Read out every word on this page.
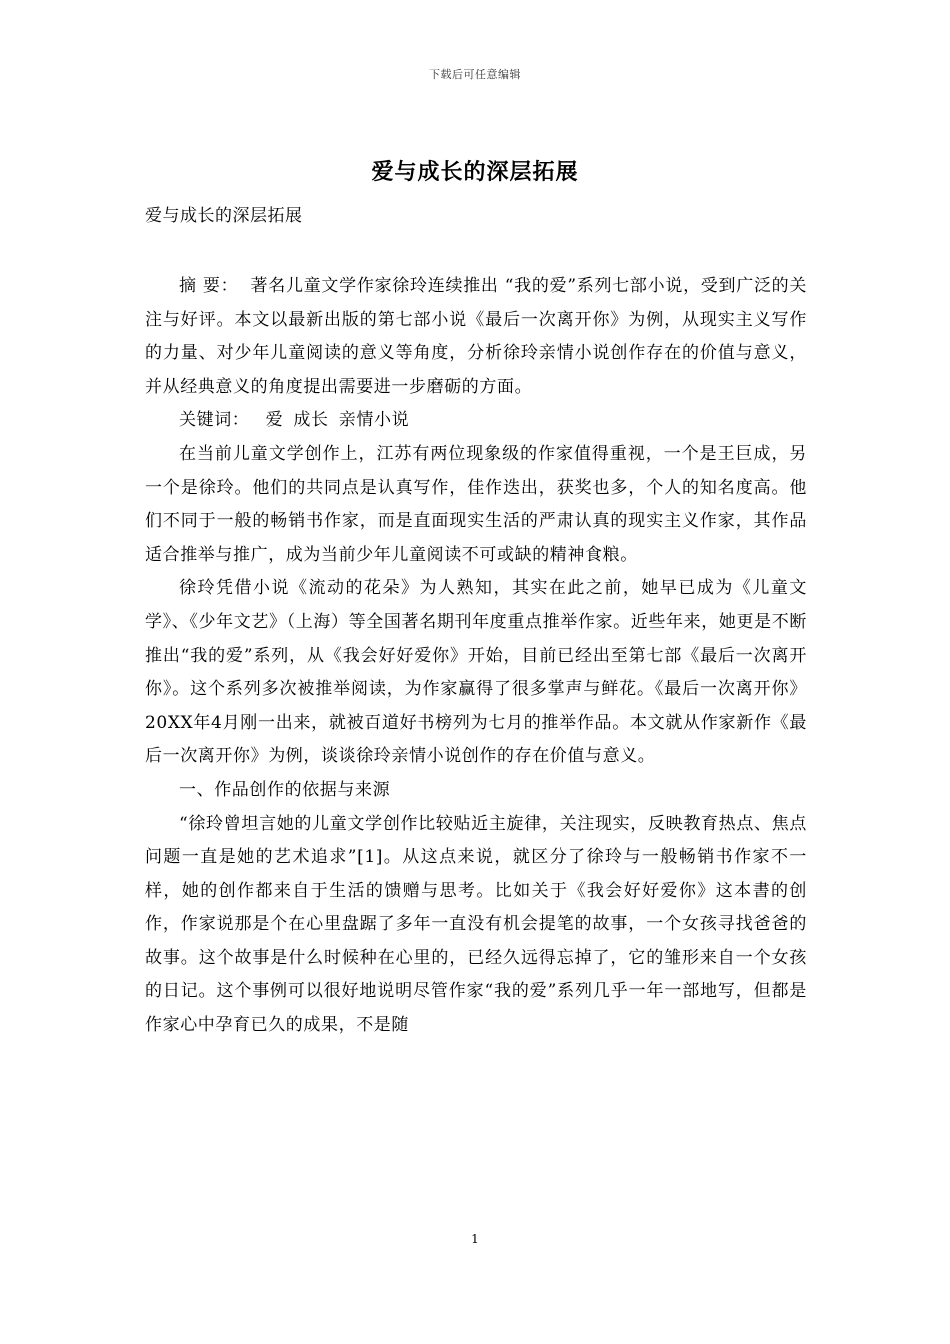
下载后可任意编辑
爱与成长的深层拓展
爱与成长的深层拓展

摘 要： 著名儿童文学作家徐玲连续推出 “我的爱”系列七部小说，受到广泛的关注与好评。本文以最新出版的第七部小说《最后一次离开你》为例，从现实主义写作的力量、对少年儿童阅读的意义等角度，分析徐玲亲情小说创作存在的价值与意义，并从经典意义的角度提出需要进一步磨砺的方面。

关键词： 爱 成长 亲情小说

在当前儿童文学创作上，江苏有两位现象级的作家值得重视，一个是王巨成，另一个是徐玲。他们的共同点是认真写作，佳作迭出，获奖也多，个人的知名度高。他们不同于一般的畅销书作家，而是直面现实生活的严肃认真的现实主义作家，其作品适合推举与推广，成为当前少年儿童阅读不可或缺的精神食粮。

徐玲凭借小说《流动的花朵》为人熟知，其实在此之前，她早已成为《儿童文学》、《少年文艺》（上海）等全国著名期刊年度重点推举作家。近些年来，她更是不断推出“我的爱”系列，从《我会好好爱你》开始，目前已经出至第七部《最后一次离开你》。这个系列多次被推举阅读，为作家赢得了很多掌声与鲜花。《最后一次离开你》20XX年4月刚一出来，就被百道好书榜列为七月的推举作品。本文就从作家新作《最后一次离开你》为例，谈谈徐玲亲情小说创作的存在价值与意义。

一、作品创作的依据与来源

“徐玲曾坦言她的儿童文学创作比较贴近主旋律，关注现实，反映教育热点、焦点问题一直是她的艺术追求”[1]。从这点来说，就区分了徐玲与一般畅销书作家不一样，她的创作都来自于生活的馈赠与思考。比如关于《我会好好爱你》这本書的创作，作家说那是个在心里盘踞了多年一直没有机会提笔的故事，一个女孩寻找爸爸的故事。这个故事是什么时候种在心里的，已经久远得忘掉了，它的雏形来自一个女孩的日记。这个事例可以很好地说明尽管作家“我的爱”系列几乎一年一部地写，但都是作家心中孕育已久的成果，不是随

1
